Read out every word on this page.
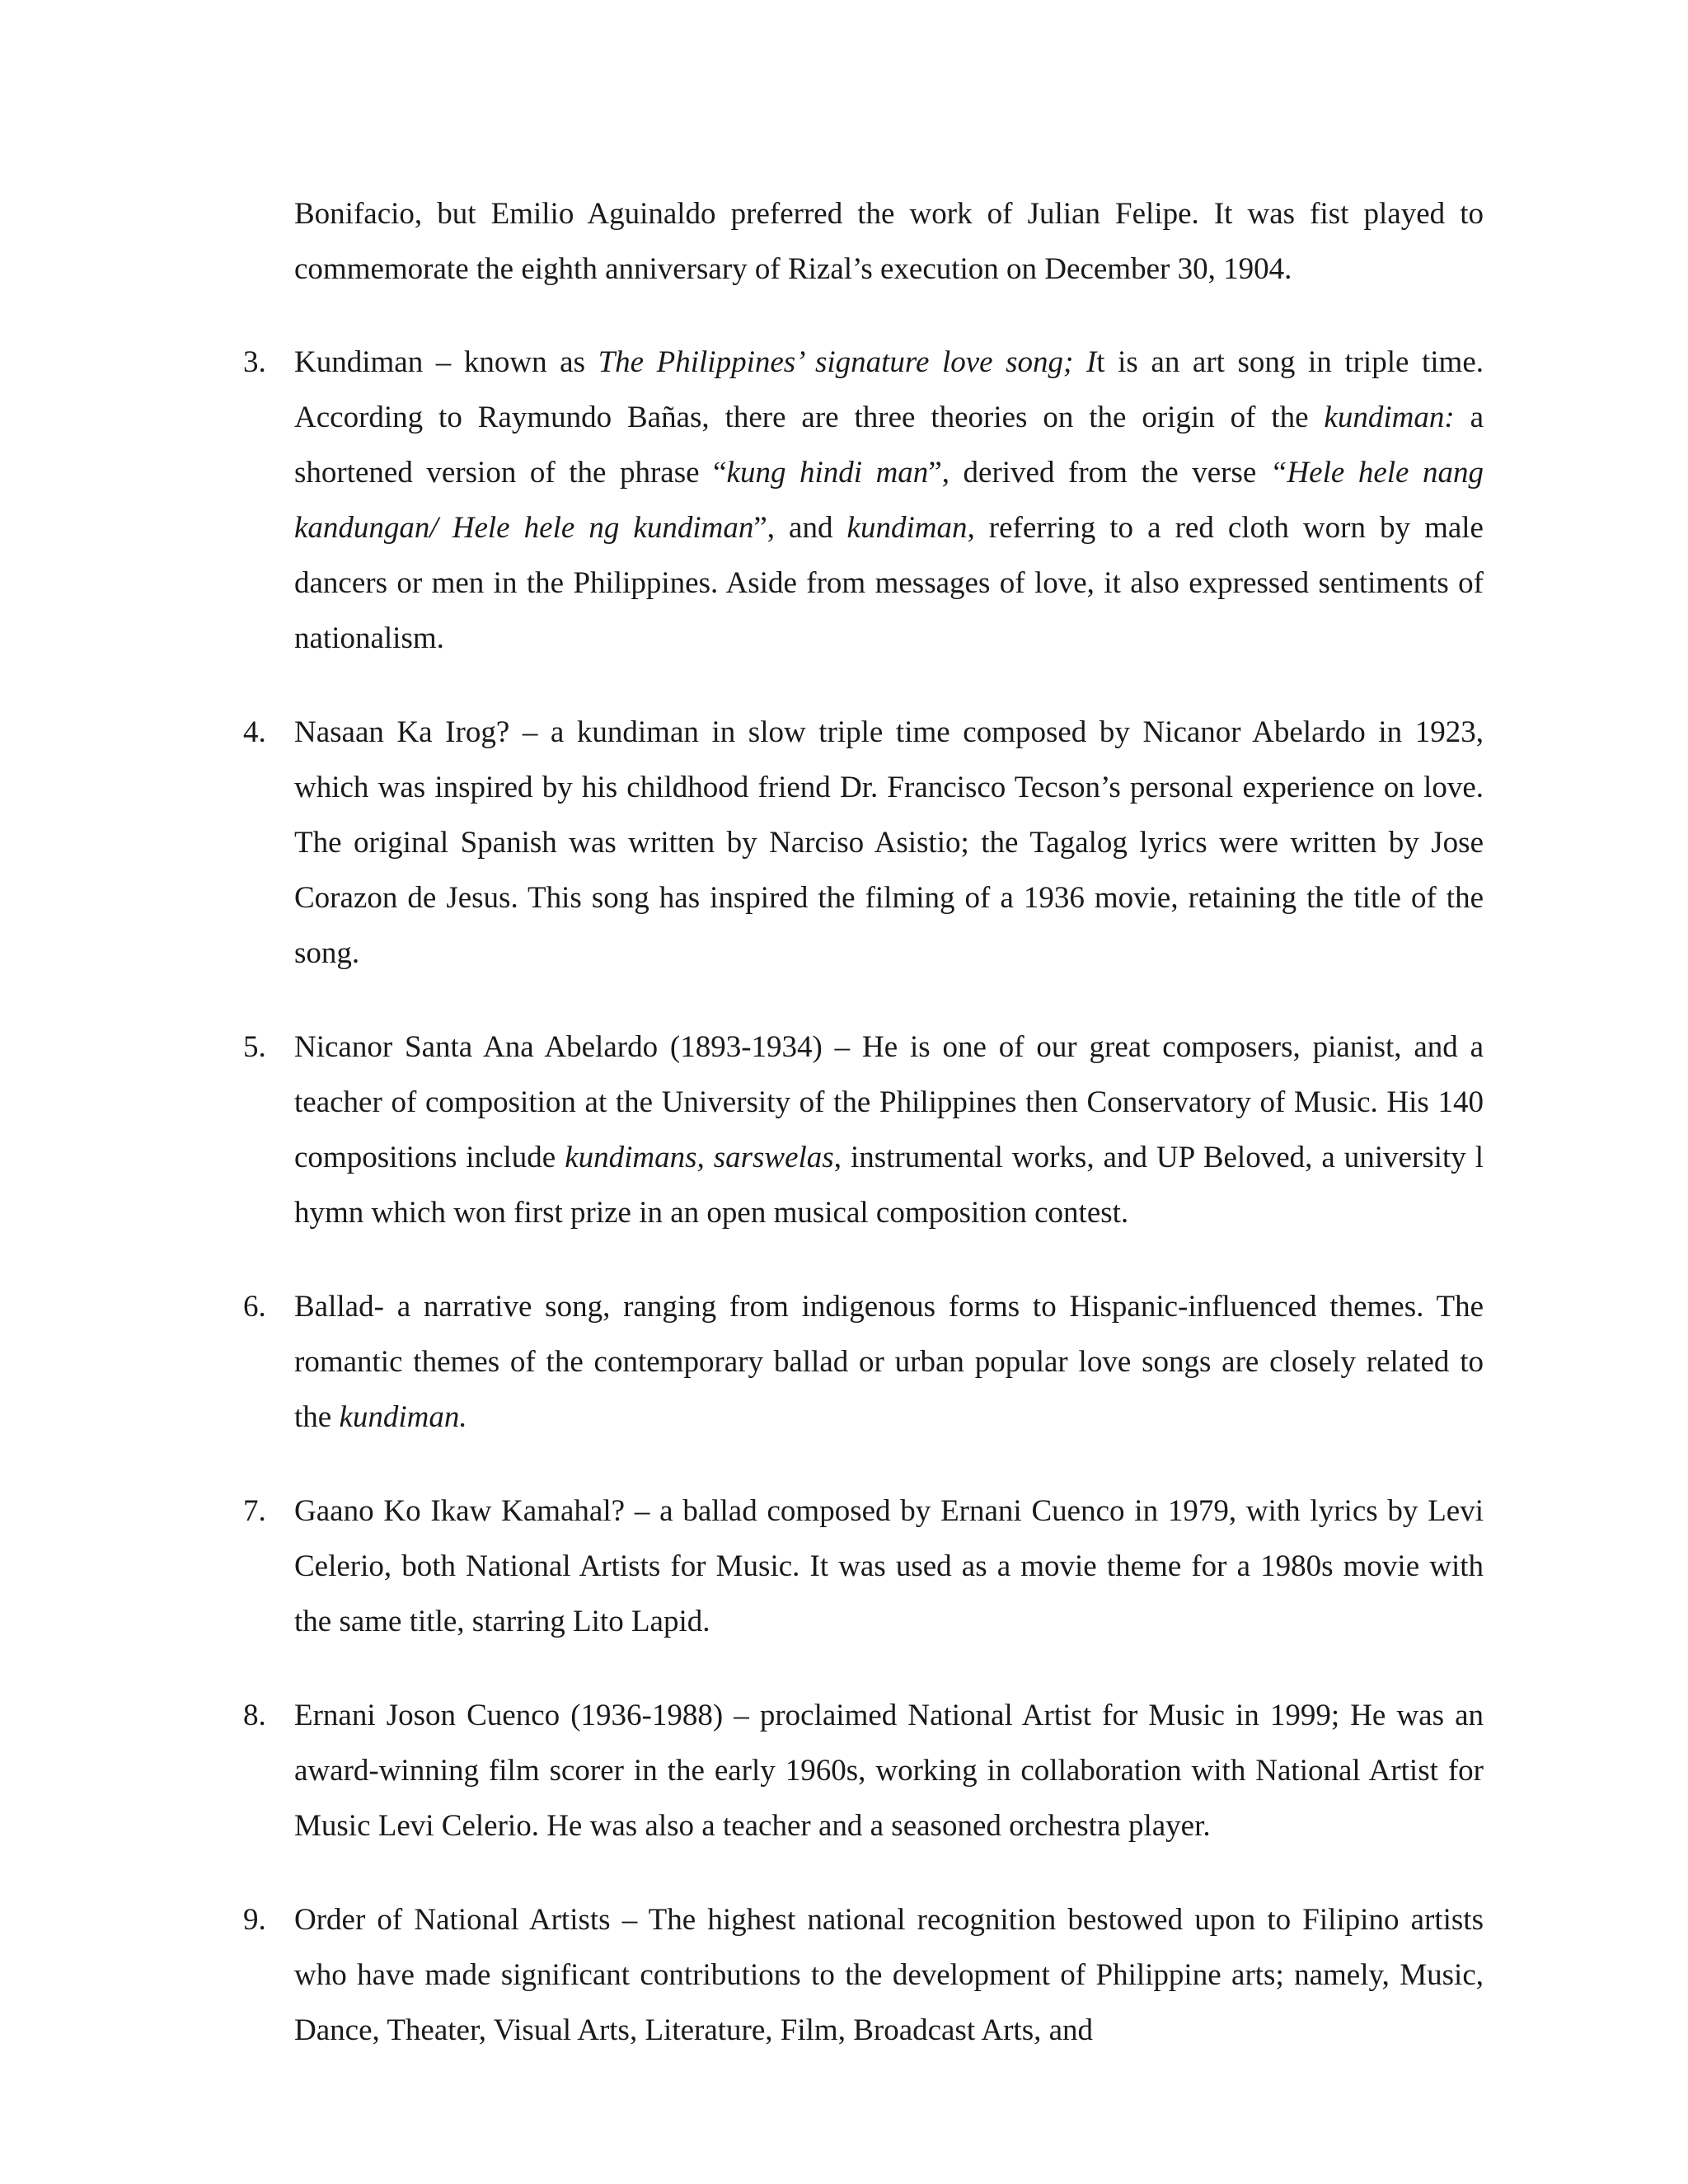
Bonifacio, but Emilio Aguinaldo preferred the work of Julian Felipe. It was fist played to commemorate the eighth anniversary of Rizal’s execution on December 30, 1904.

3. Kundiman – known as The Philippines’ signature love song; It is an art song in triple time. According to Raymundo Bañas, there are three theories on the origin of the kundiman: a shortened version of the phrase “kung hindi man”, derived from the verse “Hele hele nang kandungan/ Hele hele ng kundiman”, and kundiman, referring to a red cloth worn by male dancers or men in the Philippines. Aside from messages of love, it also expressed sentiments of nationalism.
4. Nasaan Ka Irog? – a kundiman in slow triple time composed by Nicanor Abelardo in 1923, which was inspired by his childhood friend Dr. Francisco Tecson’s personal experience on love. The original Spanish was written by Narciso Asistio; the Tagalog lyrics were written by Jose Corazon de Jesus. This song has inspired the filming of a 1936 movie, retaining the title of the song.
5. Nicanor Santa Ana Abelardo (1893-1934) – He is one of our great composers, pianist, and a teacher of composition at the University of the Philippines then Conservatory of Music. His 140 compositions include kundimans, sarswelas, instrumental works, and UP Beloved, a university l hymn which won first prize in an open musical composition contest.
6. Ballad- a narrative song, ranging from indigenous forms to Hispanic-influenced themes. The romantic themes of the contemporary ballad or urban popular love songs are closely related to the kundiman.
7. Gaano Ko Ikaw Kamahal? – a ballad composed by Ernani Cuenco in 1979, with lyrics by Levi Celerio, both National Artists for Music. It was used as a movie theme for a 1980s movie with the same title, starring Lito Lapid.
8. Ernani Joson Cuenco (1936-1988) – proclaimed National Artist for Music in 1999; He was an award-winning film scorer in the early 1960s, working in collaboration with National Artist for Music Levi Celerio. He was also a teacher and a seasoned orchestra player.
9. Order of National Artists – The highest national recognition bestowed upon to Filipino artists who have made significant contributions to the development of Philippine arts; namely, Music, Dance, Theater, Visual Arts, Literature, Film, Broadcast Arts, and
